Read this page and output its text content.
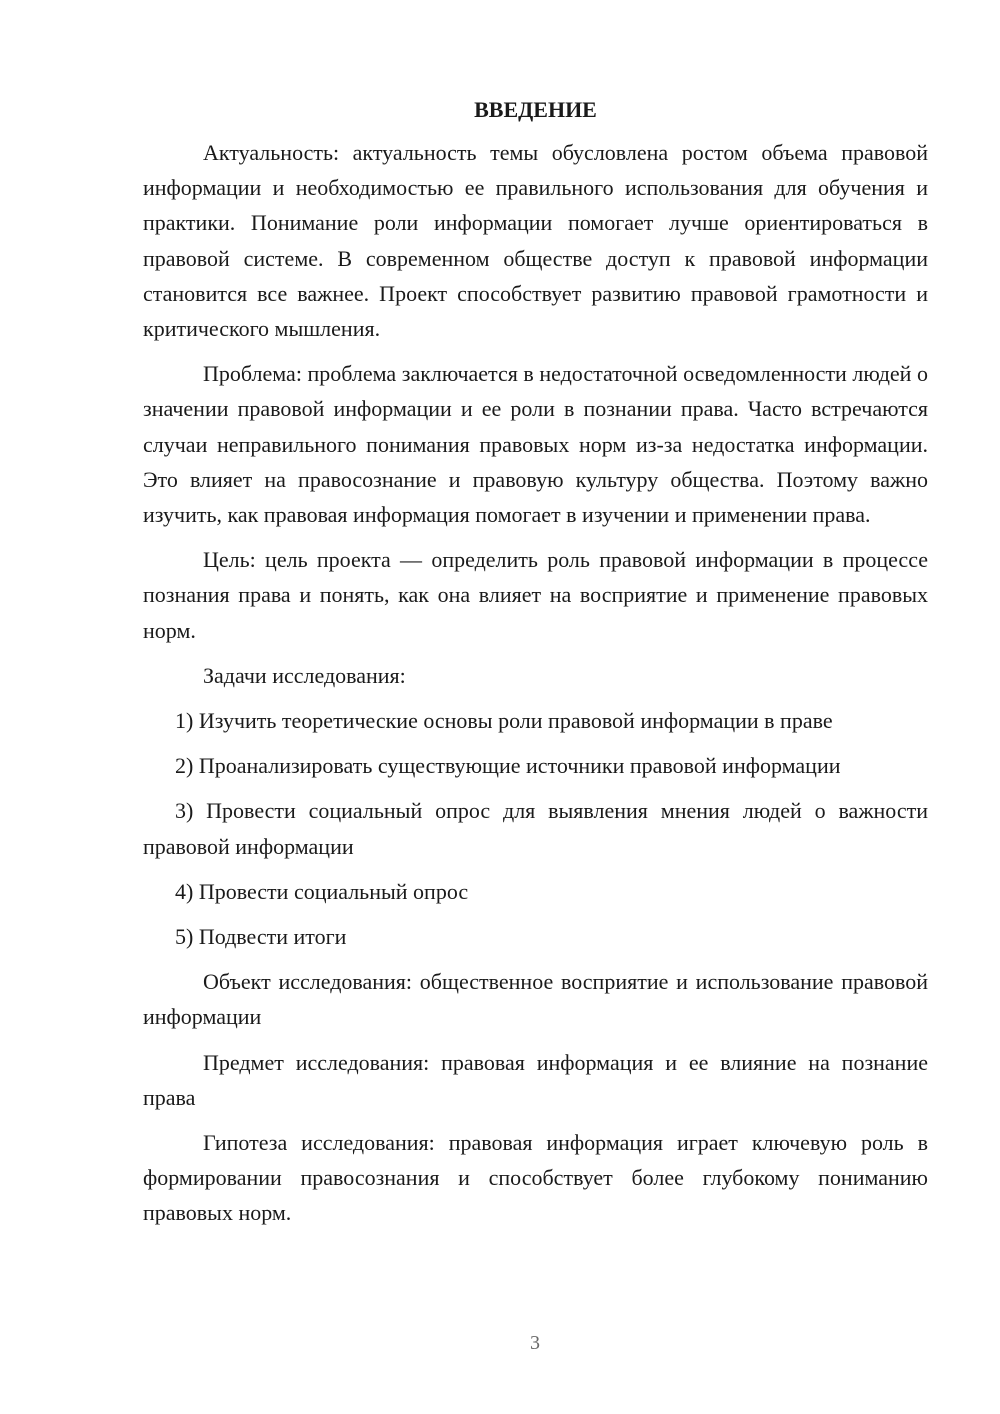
ВВЕДЕНИЕ

Актуальность: актуальность темы обусловлена ростом объема правовой информации и необходимостью ее правильного использования для обучения и практики. Понимание роли информации помогает лучше ориентироваться в правовой системе. В современном обществе доступ к правовой информации становится все важнее. Проект способствует развитию правовой грамотности и критического мышления.

Проблема: проблема заключается в недостаточной осведомленности людей о значении правовой информации и ее роли в познании права. Часто встречаются случаи неправильного понимания правовых норм из-за недостатка информации. Это влияет на правосознание и правовую культуру общества. Поэтому важно изучить, как правовая информация помогает в изучении и применении права.

Цель: цель проекта — определить роль правовой информации в процессе познания права и понять, как она влияет на восприятие и применение правовых норм.

Задачи исследования:

1) Изучить теоретические основы роли правовой информации в праве

2) Проанализировать существующие источники правовой информации

3) Провести социальный опрос для выявления мнения людей о важности правовой информации

4) Провести социальный опрос

5) Подвести итоги

Объект исследования: общественное восприятие и использование правовой информации

Предмет исследования: правовая информация и ее влияние на познание права

Гипотеза исследования: правовая информация играет ключевую роль в формировании правосознания и способствует более глубокому пониманию правовых норм.

3
